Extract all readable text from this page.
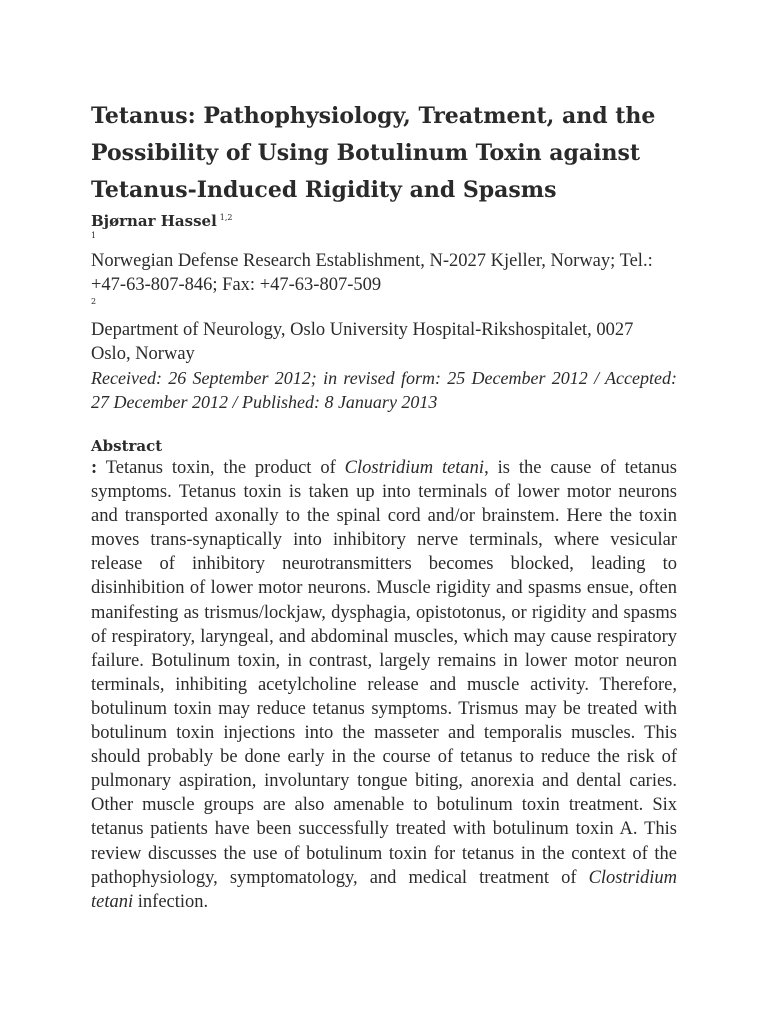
Tetanus: Pathophysiology, Treatment, and the
Possibility of Using Botulinum Toxin against
Tetanus-Induced Rigidity and Spasms

Bjørnar Hassel $^{1,2}$

1

Norwegian Defense Research Establishment, N-2027 Kjeller, Norway; Tel.: +47-63-807-846; Fax: +47-63-807-509

2

Department of Neurology, Oslo University Hospital-Rikshospitalet, 0027 Oslo, Norway

Received: 26 September 2012; in revised form: 25 December 2012 / Accepted: 27 December 2012 / Published: 8 January 2013

Abstract

: Tetanus toxin, the product of Clostridium tetani, is the cause of tetanus symptoms. Tetanus toxin is taken up into terminals of lower motor neurons and transported axonally to the spinal cord and/or brainstem. Here the toxin moves trans-synaptically into inhibitory nerve terminals, where vesicular release of inhibitory neurotransmitters becomes blocked, leading to disinhibition of lower motor neurons. Muscle rigidity and spasms ensue, often manifesting as trismus/lockjaw, dysphagia, opistotonus, or rigidity and spasms of respiratory, laryngeal, and abdominal muscles, which may cause respiratory failure. Botulinum toxin, in contrast, largely remains in lower motor neuron terminals, inhibiting acetylcholine release and muscle activity. Therefore, botulinum toxin may reduce tetanus symptoms. Trismus may be treated with botulinum toxin injections into the masseter and temporalis muscles. This should probably be done early in the course of tetanus to reduce the risk of pulmonary aspiration, involuntary tongue biting, anorexia and dental caries. Other muscle groups are also amenable to botulinum toxin treatment. Six tetanus patients have been successfully treated with botulinum toxin A. This review discusses the use of botulinum toxin for tetanus in the context of the pathophysiology, symptomatology, and medical treatment of Clostridium tetani infection.
